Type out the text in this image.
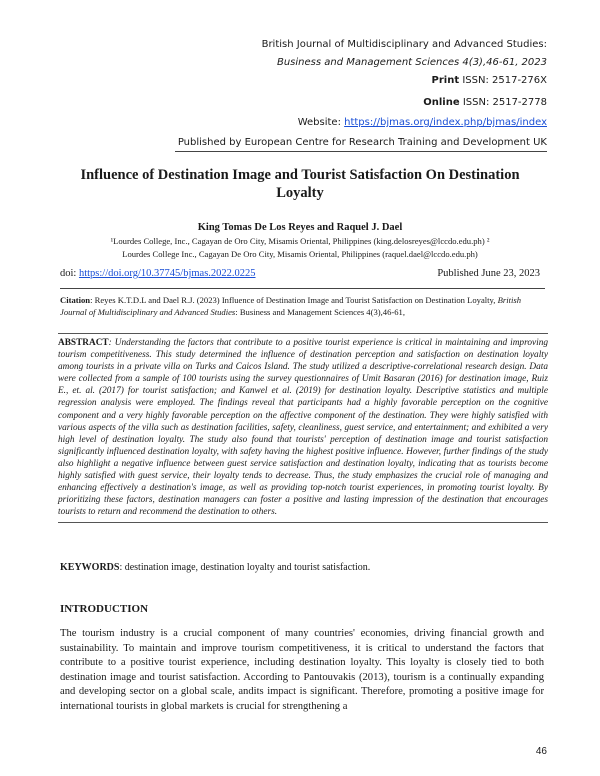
British Journal of Multidisciplinary and Advanced Studies:
Business and Management Sciences 4(3),46-61, 2023
Print ISSN: 2517-276X
Online ISSN: 2517-2778
Website: https://bjmas.org/index.php/bjmas/index
Published by European Centre for Research Training and Development UK
Influence of Destination Image and Tourist Satisfaction On Destination Loyalty
King Tomas De Los Reyes and Raquel J. Dael
¹Lourdes College, Inc., Cagayan de Oro City, Misamis Oriental, Philippines (king.delosreyes@lccdo.edu.ph) ²
Lourdes College Inc., Cagayan De Oro City, Misamis Oriental, Philippines (raquel.dael@lccdo.edu.ph)
doi: https://doi.org/10.37745/bjmas.2022.0225	Published June 23, 2023
Citation: Reyes K.T.D.L and Dael R.J. (2023) Influence of Destination Image and Tourist Satisfaction on Destination Loyalty, British Journal of Multidisciplinary and Advanced Studies: Business and Management Sciences 4(3),46-61,

ABSTRACT: Understanding the factors that contribute to a positive tourist experience is critical in maintaining and improving tourism competitiveness. This study determined the influence of destination perception and satisfaction on destination loyalty among tourists in a private villa on Turks and Caicos Island. The study utilized a descriptive-correlational research design. Data were collected from a sample of 100 tourists using the survey questionnaires of Umit Basaran (2016) for destination image, Ruiz E., et. al. (2017) for tourist satisfaction; and Kanwel et al. (2019) for destination loyalty. Descriptive statistics and multiple regression analysis were employed. The findings reveal that participants had a highly favorable perception on the cognitive component and a very highly favorable perception on the affective component of the destination. They were highly satisfied with various aspects of the villa such as destination facilities, safety, cleanliness, guest service, and entertainment; and exhibited a very high level of destination loyalty. The study also found that tourists' perception of destination image and tourist satisfaction significantly influenced destination loyalty, with safety having the highest positive influence. However, further findings of the study also highlight a negative influence between guest service satisfaction and destination loyalty, indicating that as tourists become highly satisfied with guest service, their loyalty tends to decrease. Thus, the study emphasizes the crucial role of managing and enhancing effectively a destination's image, as well as providing top-notch tourist experiences, in promoting tourist loyalty. By prioritizing these factors, destination managers can foster a positive and lasting impression of the destination that encourages tourists to return and recommend the destination to others.

KEYWORDS: destination image, destination loyalty and tourist satisfaction.
INTRODUCTION

The tourism industry is a crucial component of many countries' economies, driving financial growth and sustainability. To maintain and improve tourism competitiveness, it is critical to understand the factors that contribute to a positive tourist experience, including destination loyalty. This loyalty is closely tied to both destination image and tourist satisfaction. According to Pantouvakis (2013), tourism is a continually expanding and developing sector on a global scale, andits impact is significant. Therefore, promoting a positive image for international tourists in global markets is crucial for strengthening a

46
